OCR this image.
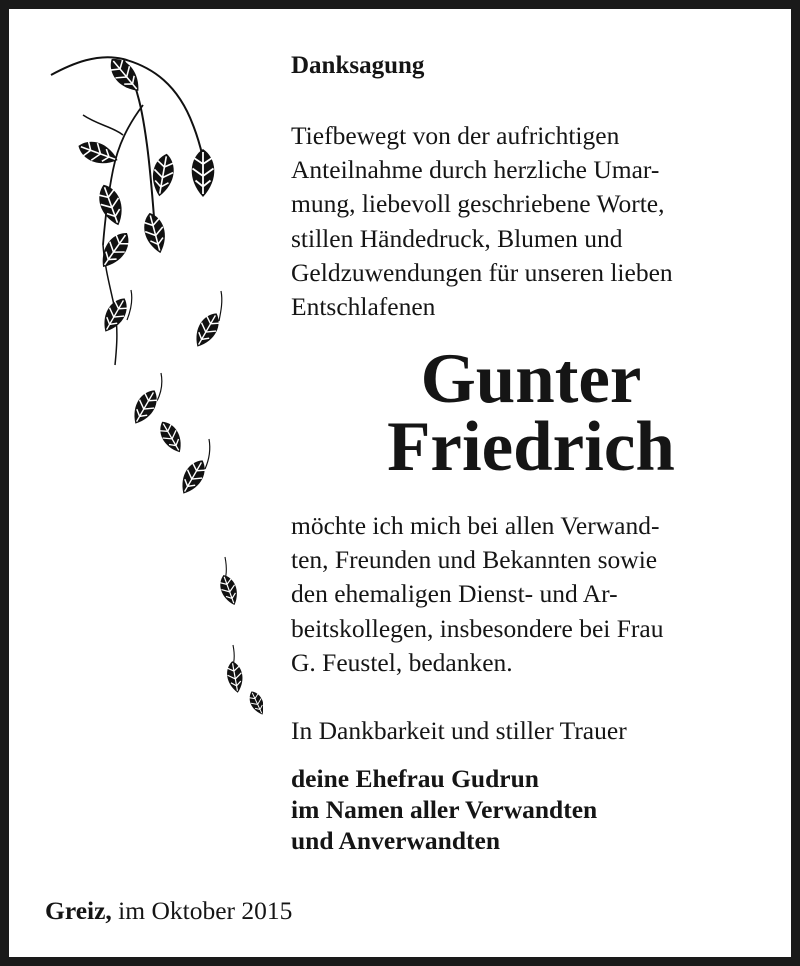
Danksagung
Tiefbewegt von der aufrichtigen
Anteilnahme durch herzliche Umar-
mung, liebevoll geschriebene Worte,
stillen Händedruck, Blumen und
Geldzuwendungen für unseren lieben
Entschlafenen
Gunter
Friedrich
möchte ich mich bei allen Verwand-
ten, Freunden und Bekannten sowie
den ehemaligen Dienst- und Ar-
beitskollegen, insbesondere bei Frau
G. Feustel, bedanken.
In Dankbarkeit und stiller Trauer
deine Ehefrau Gudrun
im Namen aller Verwandten
und Anverwandten
Greiz, im Oktober 2015
